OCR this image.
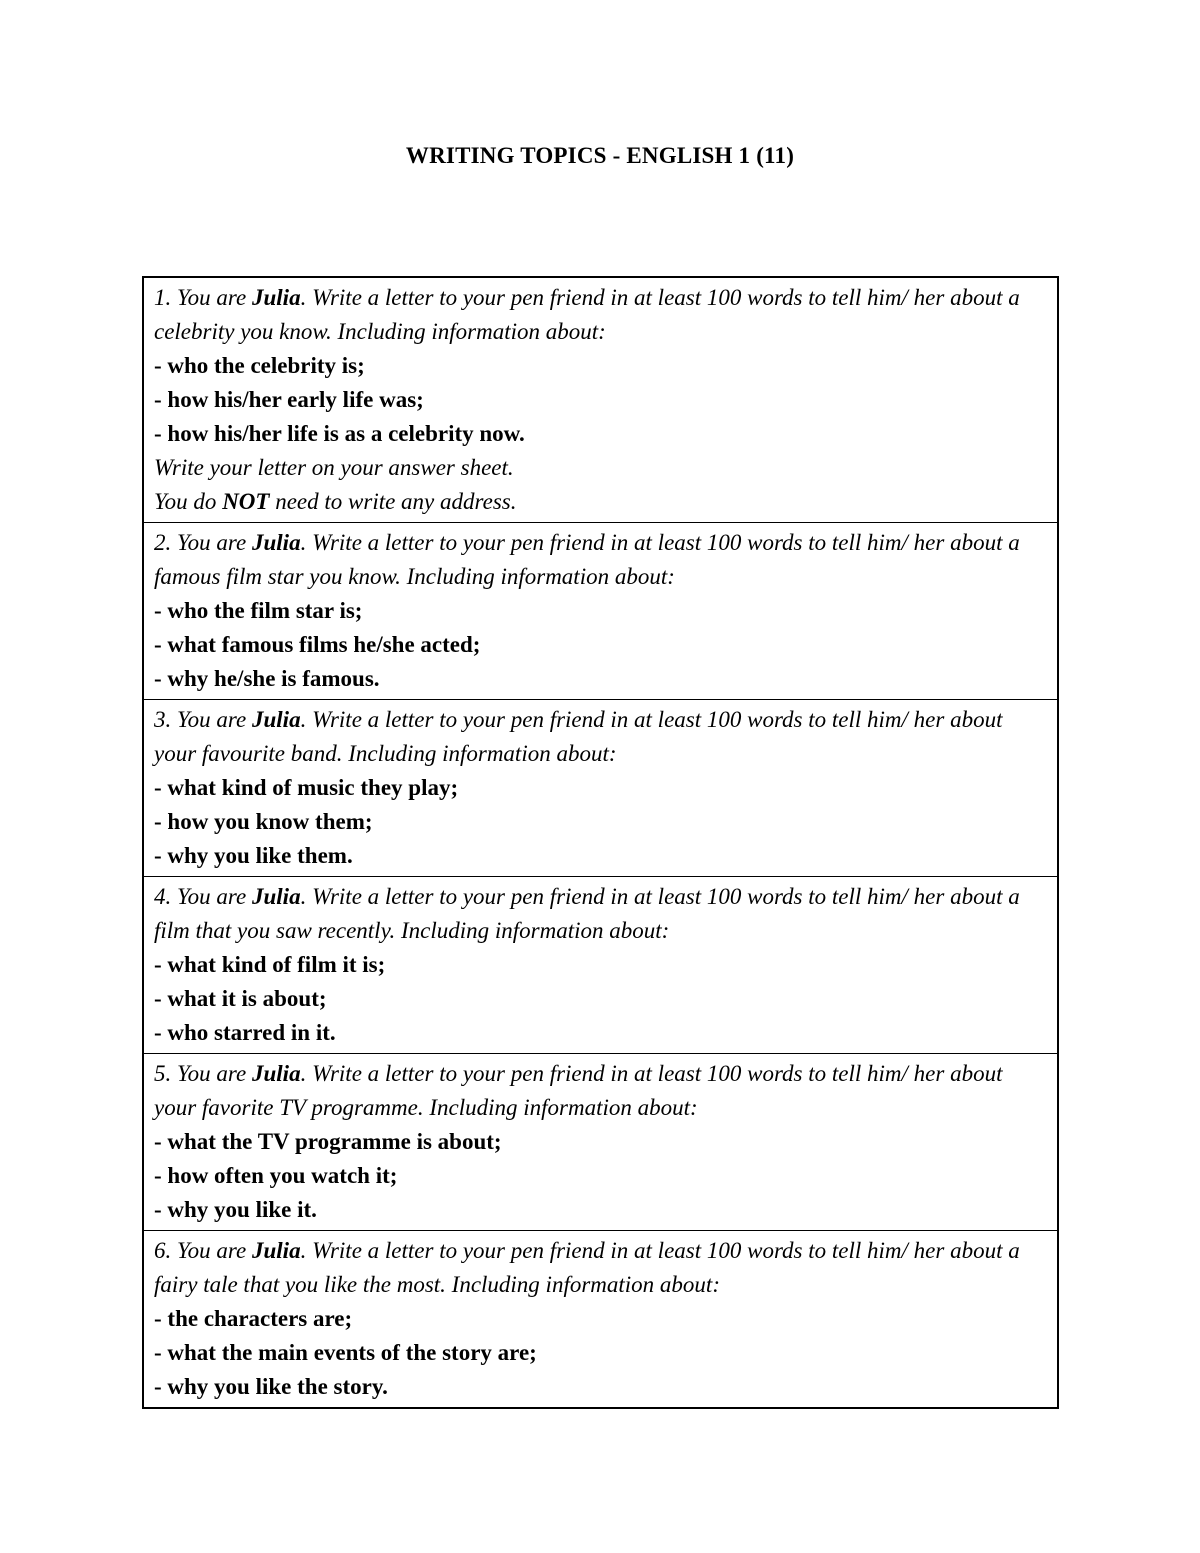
WRITING TOPICS - ENGLISH 1 (11)
1. You are Julia. Write a letter to your pen friend in at least 100 words to tell him/ her about a celebrity you know. Including information about:
- who the celebrity is;
- how his/her early life was;
- how his/her life is as a celebrity now.
Write your letter on your answer sheet.
You do NOT need to write any address.

2. You are Julia. Write a letter to your pen friend in at least 100 words to tell him/ her about a famous film star you know. Including information about:
- who the film star is;
- what famous films he/she acted;
- why he/she is famous.

3. You are Julia. Write a letter to your pen friend in at least 100 words to tell him/ her about your favourite band. Including information about:
- what kind of music they play;
- how you know them;
- why you like them.

4. You are Julia. Write a letter to your pen friend in at least 100 words to tell him/ her about a film that you saw recently. Including information about:
- what kind of film it is;
- what it is about;
- who starred in it.

5. You are Julia. Write a letter to your pen friend in at least 100 words to tell him/ her about your favorite TV programme. Including information about:
- what the TV programme is about;
- how often you watch it;
- why you like it.

6. You are Julia. Write a letter to your pen friend in at least 100 words to tell him/ her about a fairy tale that you like the most. Including information about:
- the characters are;
- what the main events of the story are;
- why you like the story.
